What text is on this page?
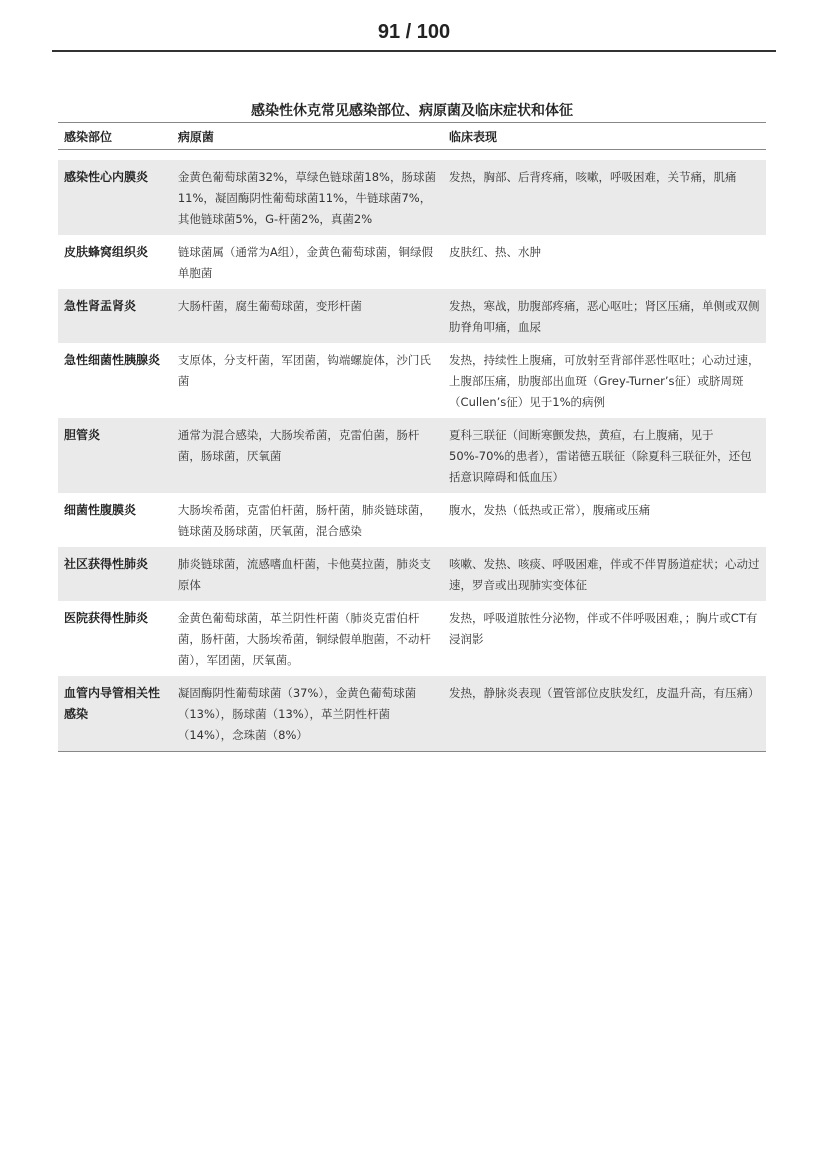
91 / 100
感染性休克常见感染部位、病原菌及临床症状和体征
感染部位	病原菌	临床表现

感染性心内膜炎	金黄色葡萄球菌32%，草绿色链球菌18%，肠球菌11%，凝固酶阴性葡萄球菌11%，牛链球菌7%，其他链球菌5%，G-杆菌2%，真菌2%	发热，胸部、后背疼痛，咳嗽，呼吸困难，关节痛，肌痛
皮肤蜂窝组织炎	链球菌属（通常为A组），金黄色葡萄球菌，铜绿假单胞菌	皮肤红、热、水肿
急性肾盂肾炎	大肠杆菌，腐生葡萄球菌，变形杆菌	发热，寒战，肋腹部疼痛，恶心呕吐；肾区压痛，单侧或双侧肋脊角叩痛，血尿
急性细菌性胰腺炎	支原体，分支杆菌，军团菌，钩端螺旋体，沙门氏菌	发热，持续性上腹痛，可放射至背部伴恶性呕吐；心动过速，上腹部压痛，肋腹部出血斑（Grey-Turner’s征）或脐周斑（Cullen’s征）见于1%的病例
胆管炎	通常为混合感染，大肠埃希菌，克雷伯菌，肠杆菌，肠球菌，厌氧菌	夏科三联征（间断寒颤发热，黄疸，右上腹痛，见于50%-70%的患者），雷诺德五联征（除夏科三联征外，还包括意识障碍和低血压）
细菌性腹膜炎	大肠埃希菌，克雷伯杆菌，肠杆菌，肺炎链球菌，链球菌及肠球菌，厌氧菌，混合感染	腹水，发热（低热或正常），腹痛或压痛
社区获得性肺炎	肺炎链球菌，流感嗜血杆菌，卡他莫拉菌，肺炎支原体	咳嗽、发热、咳痰、呼吸困难，伴或不伴胃肠道症状；心动过速，罗音或出现肺实变体征
医院获得性肺炎	金黄色葡萄球菌，革兰阴性杆菌（肺炎克雷伯杆菌，肠杆菌，大肠埃希菌，铜绿假单胞菌，不动杆菌），军团菌，厌氧菌。	发热，呼吸道脓性分泌物，伴或不伴呼吸困难，；胸片或CT有浸润影
血管内导管相关性感染	凝固酶阴性葡萄球菌（37%），金黄色葡萄球菌（13%），肠球菌（13%），革兰阴性杆菌（14%），念珠菌（8%）	发热，静脉炎表现（置管部位皮肤发红，皮温升高，有压痛）
